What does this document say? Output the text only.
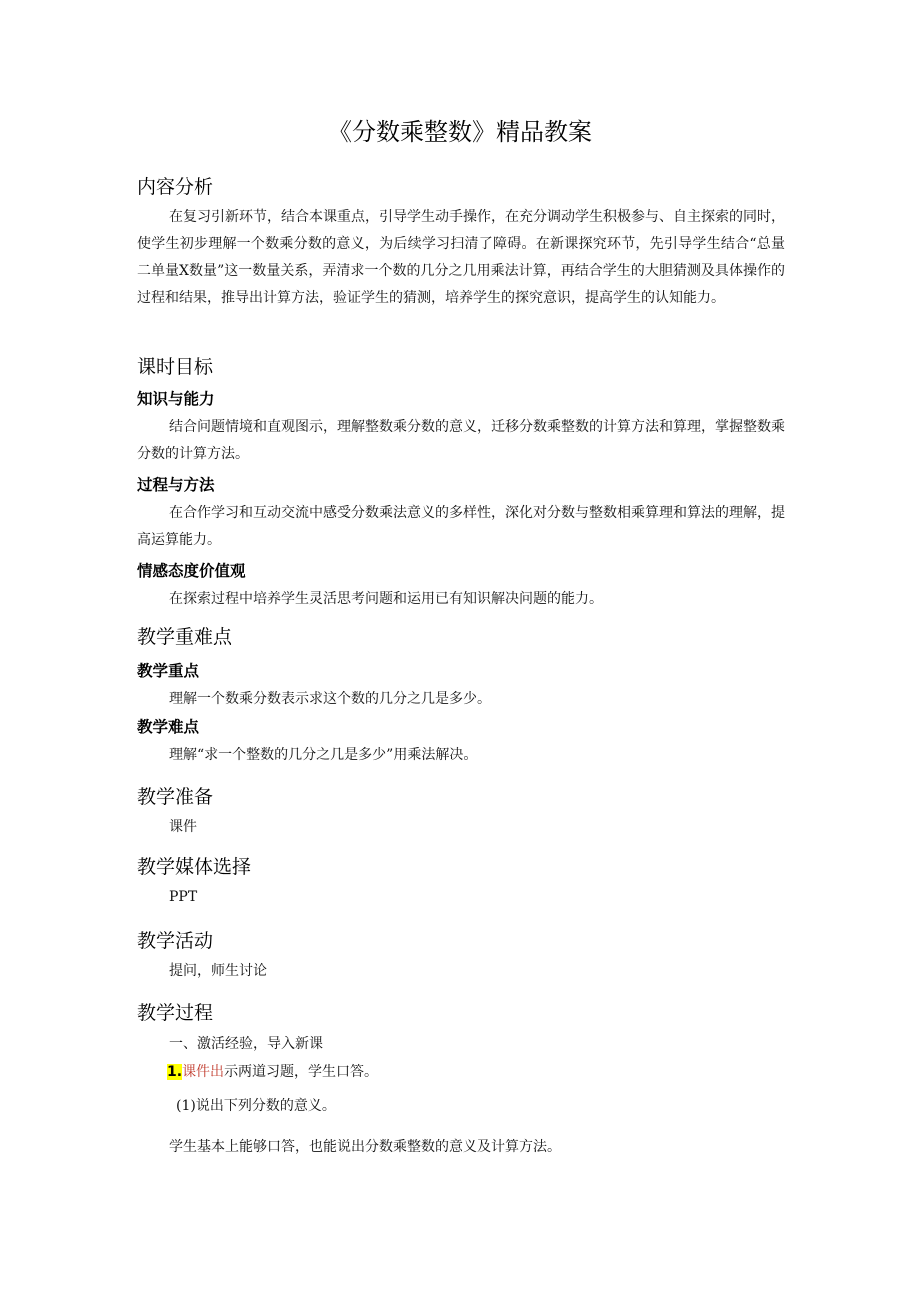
《分数乘整数》精品教案
内容分析
在复习引新环节，结合本课重点，引导学生动手操作，在充分调动学生积极参与、自主探索的同时，使学生初步理解一个数乘分数的意义，为后续学习扫清了障碍。在新课探究环节，先引导学生结合“总量二单量X数量”这一数量关系，弄清求一个数的几分之几用乘法计算，再结合学生的大胆猜测及具体操作的过程和结果，推导出计算方法，验证学生的猜测，培养学生的探究意识，提高学生的认知能力。
课时目标
知识与能力
结合问题情境和直观图示，理解整数乘分数的意义，迁移分数乘整数的计算方法和算理，掌握整数乘分数的计算方法。
过程与方法
在合作学习和互动交流中感受分数乘法意义的多样性，深化对分数与整数相乘算理和算法的理解，提高运算能力。
情感态度价值观
在探索过程中培养学生灵活思考问题和运用已有知识解决问题的能力。
教学重难点
教学重点
理解一个数乘分数表示求这个数的几分之几是多少。
教学难点
理解“求一个整数的几分之几是多少”用乘法解决。
教学准备
课件
教学媒体选择
PPT
教学活动
提问，师生讨论
教学过程
一、激活经验，导入新课
1.课件出示两道习题，学生口答。
(1)说出下列分数的意义。
学生基本上能够口答，也能说出分数乘整数的意义及计算方法。
